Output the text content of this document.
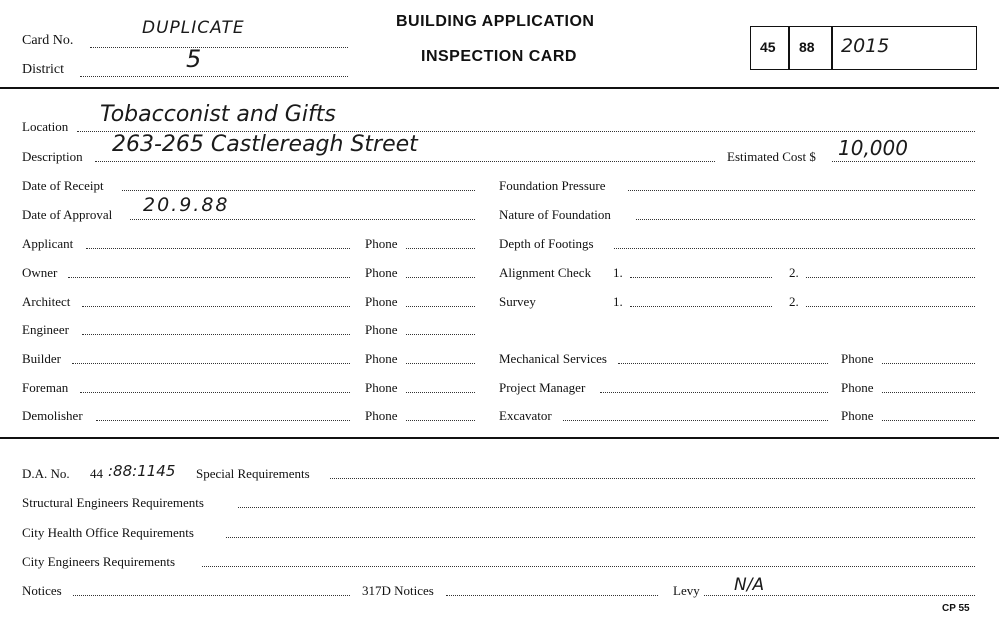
Card No.
DUPLICATE
District	5
BUILDING APPLICATION
INSPECTION CARD
45 88 2015
Location Tobacconist and Gifts
Description 263-265 Castlereagh Street	Estimated Cost $ 10,000
Date of Receipt
Date of Approval 20.9.88
Applicant	Phone
Owner	Phone
Architect	Phone
Engineer	Phone
Builder	Phone
Foreman	Phone
Demolisher	Phone
Foundation Pressure
Nature of Foundation
Depth of Footings
Alignment Check 1.	2.
Survey	1.	2.
Mechanical Services	Phone
Project Manager	Phone
Excavator	Phone
D.A. No. 44 :88:1145 Special Requirements
Structural Engineers Requirements
City Health Office Requirements
City Engineers Requirements
Notices	317D Notices	Levy N/A
CP 55
